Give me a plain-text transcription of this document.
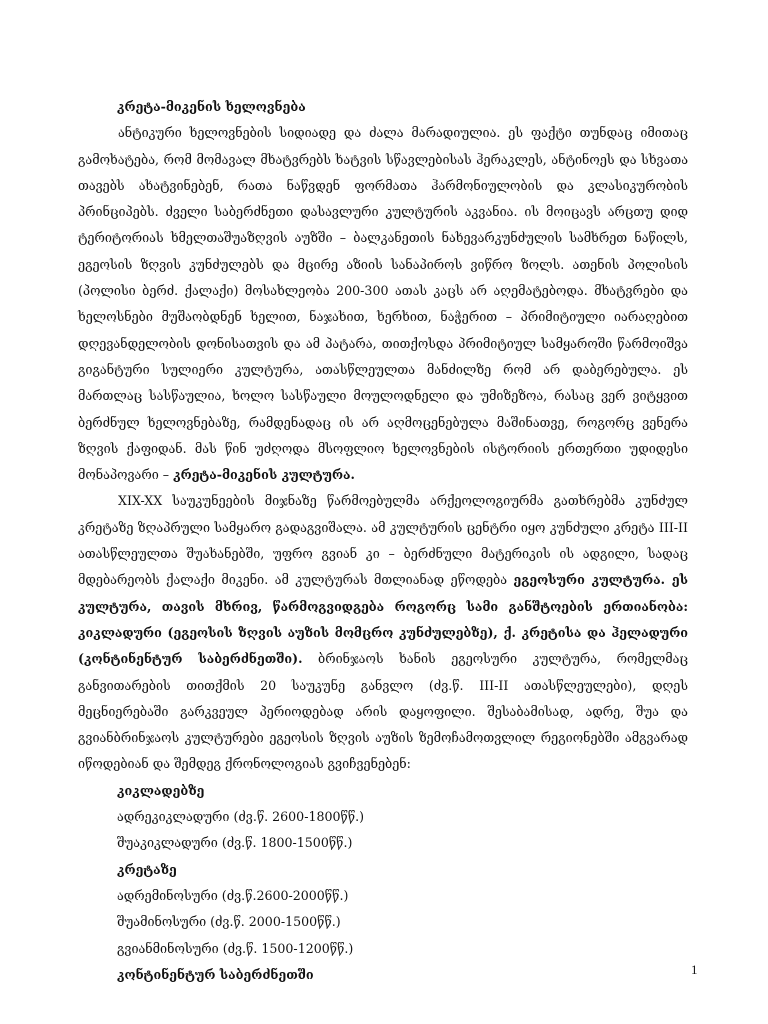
კრეტა-მიკენის ხელოვნება

ანტიკური ხელოვნების სიდიადე და ძალა მარადიულია. ეს ფაქტი თუნდაც იმითაც გამოხატება, რომ მომავალ მხატვრებს ხატვის სწავლებისას ჰერაკლეს, ანტინოეს და სხვათა თავებს ახატვინებენ, რათა ნაწვდენ ფორმათა ჰარმონიულობის და კლასიკურობის პრინციპებს. ძველი საბერძნეთი დასავლური კულტურის აკვანია. ის მოიცავს არცთუ დიდ ტერიტორიას ხმელთაშუაზღვის აუზში – ბალკანეთის ნახევარკუნძულის სამხრეთ ნაწილს, ეგეოსის ზღვის კუნძულებს და მცირე აზიის სანაპიროს ვიწრო ზოლს. ათენის პოლისის (პოლისი ბერძ. ქალაქი) მოსახლეობა 200-300 ათას კაცს არ აღემატებოდა. მხატვრები და ხელოსნები მუშაობდნენ ხელით, ნაჯახით, ხერხით, ნაჭერით – პრიმიტიული იარაღებით დღევანდელობის დონისათვის და ამ პატარა, თითქოსდა პრიმიტიულ სამყაროში წარმოიშვა გიგანტური სულიერი კულტურა, ათასწლეულთა მანძილზე რომ არ დაბერებულა. ეს მართლაც სასწაულია, ხოლო სასწაული მოულოდნელი და უმიზეზოა, რასაც ვერ ვიტყვით ბერძნულ ხელოვნებაზე, რამდენადაც ის არ აღმოცენებულა მაშინათვე, როგორც ვენერა ზღვის ქაფიდან. მას წინ უძღოდა მსოფლიო ხელოვნების ისტორიის ერთერთი უდიდესი მონაპოვარი – კრეტა-მიკენის კულტურა.

XIX-XX საუკუნეების მიჯნაზე წარმოებულმა არქეოლოგიურმა გათხრებმა კუნძულ კრეტაზე ზღაპრული სამყარო გადაგვიშალა. ამ კულტურის ცენტრი იყო კუნძული კრეტა III-II ათასწლეულთა შუახანებში, უფრო გვიან კი – ბერძნული მატერიკის ის ადგილი, სადაც მდებარეობს ქალაქი მიკენი. ამ კულტურას მთლიანად ეწოდება ეგეოსური კულტურა. ეს კულტურა, თავის მხრივ, წარმოგვიდგება როგორც სამი განშტოების ერთიანობა: კიკლადური (ეგეოსის ზღვის აუზის მომცრო კუნძულებზე), ქ. კრეტისა და ჰელადური (კონტინენტურ საბერძნეთში). ბრინჯაოს ხანის ეგეოსური კულტურა, რომელმაც განვითარების თითქმის 20 საუკუნე განვლო (ძვ.წ. III-II ათასწლეულები), დღეს მეცნიერებაში გარკვეულ პერიოდებად არის დაყოფილი. შესაბამისად, ადრე, შუა და გვიანბრინჯაოს კულტურები ეგეოსის ზღვის აუზის ზემოჩამოთვლილ რეგიონებში ამგვარად იწოდებიან და შემდეგ ქრონოლოგიას გვიჩვენებენ:

კიკლადებზე
ადრეკიკლადური (ძვ.წ. 2600-1800წწ.)
შუაკიკლადური (ძვ.წ. 1800-1500წწ.)
კრეტაზე
ადრემინოსური (ძვ.წ.2600-2000წწ.)
შუამინოსური (ძვ.წ. 2000-1500წწ.)
გვიანმინოსური (ძვ.წ. 1500-1200წწ.)
კონტინენტურ საბერძნეთში	1
